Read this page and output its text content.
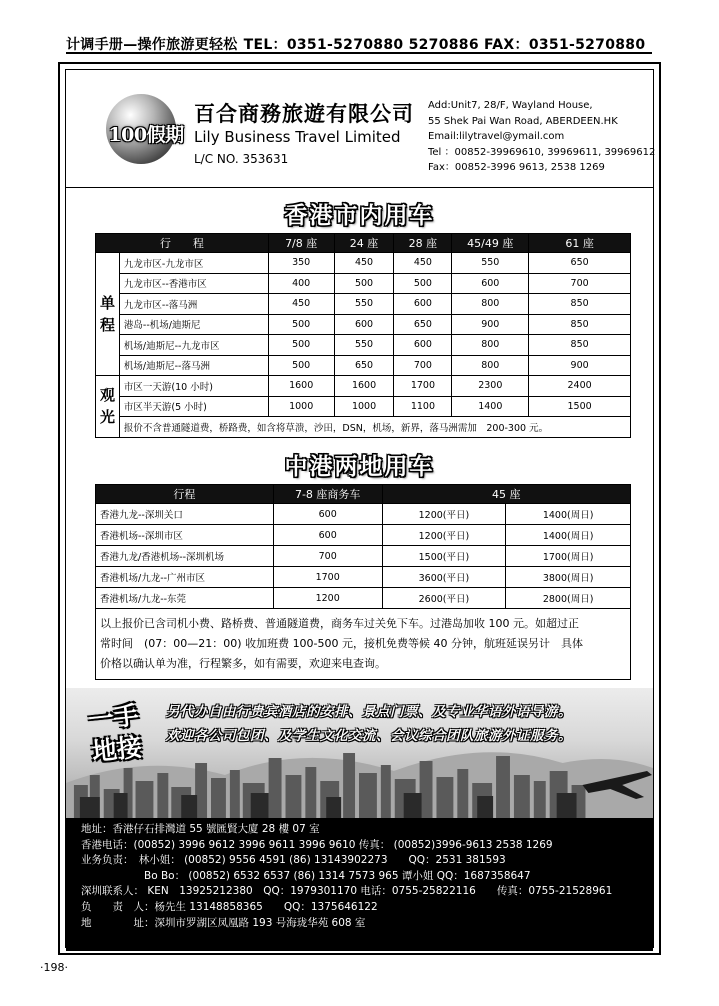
计调手册—操作旅游更轻松 TEL：0351-5270880 5270886 FAX：0351-5270880
100假期
百合商務旅遊有限公司
Lily Business Travel Limited
L/C NO. 353631
Add:Unit7, 28/F, Wayland House,
55 Shek Pai Wan Road, ABERDEEN.HK
Email:lilytravel@ymail.com
Tel ：00852-39969610, 39969611, 39969612
Fax：00852-3996 9613, 2538 1269
香港市内用车
行　　程		7/8 座	24 座	28 座	45/49 座	61 座
单
程	九龙市区-九龙市区	350	450	450	550	650
	九龙市区--香港市区	400	500	500	600	700
	九龙市区--落马洲	450	550	600	800	850
	港岛--机场/迪斯尼	500	600	650	900	850
	机场/迪斯尼--九龙市区	500	550	600	800	850
	机场/迪斯尼--落马洲	500	650	700	800	900
观
光	市区一天游(10 小时)	1600	1600	1700	2300	2400
	市区半天游(5 小时)	1000	1000	1100	1400	1500
	报价不含普通隧道费，桥路费，如含将草溃，沙田，DSN，机场，新界，落马洲需加　200-300 元。					
中港两地用车
行程	7-8 座商务车	45 座	
香港九龙--深圳关口	600	1200(平日)	1400(周日)
香港机场--深圳市区	600	1200(平日)	1400(周日)
香港九龙/香港机场--深圳机场	700	1500(平日)	1700(周日)
香港机场/九龙--广州市区	1700	3600(平日)	3800(周日)
香港机场/九龙--东莞	1200	2600(平日)	2800(周日)

以上报价已含司机小费、路桥费、普通隧道费，商务车过关免下车。过港岛加收 100 元。如超过正
常时间　(07：00—21：00) 收加班费 100-500 元，接机免费等候 40 分钟，航班延误另计　具体
价格以确认单为准，行程繁多，如有需要，欢迎来电查询。			
一手
地接
另代办自由行贵宾酒店的安排、景点门票、及专业华语外语导游。
欢迎各公司包团、及学生文化交流、会议综合团队旅游外证服务。
地址：香港仔石排灣道 55 號匯賢大廈 28 樓 07 室
香港电话：(00852) 3996 9612 3996 9611 3996 9610 传真： (00852)3996-9613 2538 1269
业务负责：　林小姐： (00852) 9556 4591 (86) 13143902273　　QQ：2531 381593
　　　　　　Bo Bo： (00852) 6532 6537 (86) 1314 7573 965 谭小姐 QQ：1687358647
深圳联系人： KEN　13925212380　QQ：1979301170 电话：0755-25822116　　传真：0755-21528961
负　　责　人：杨先生 13148858365　　QQ：1375646122
地　　　　址：深圳市罗湖区凤凰路 193 号海珑华苑 608 室
·198·
